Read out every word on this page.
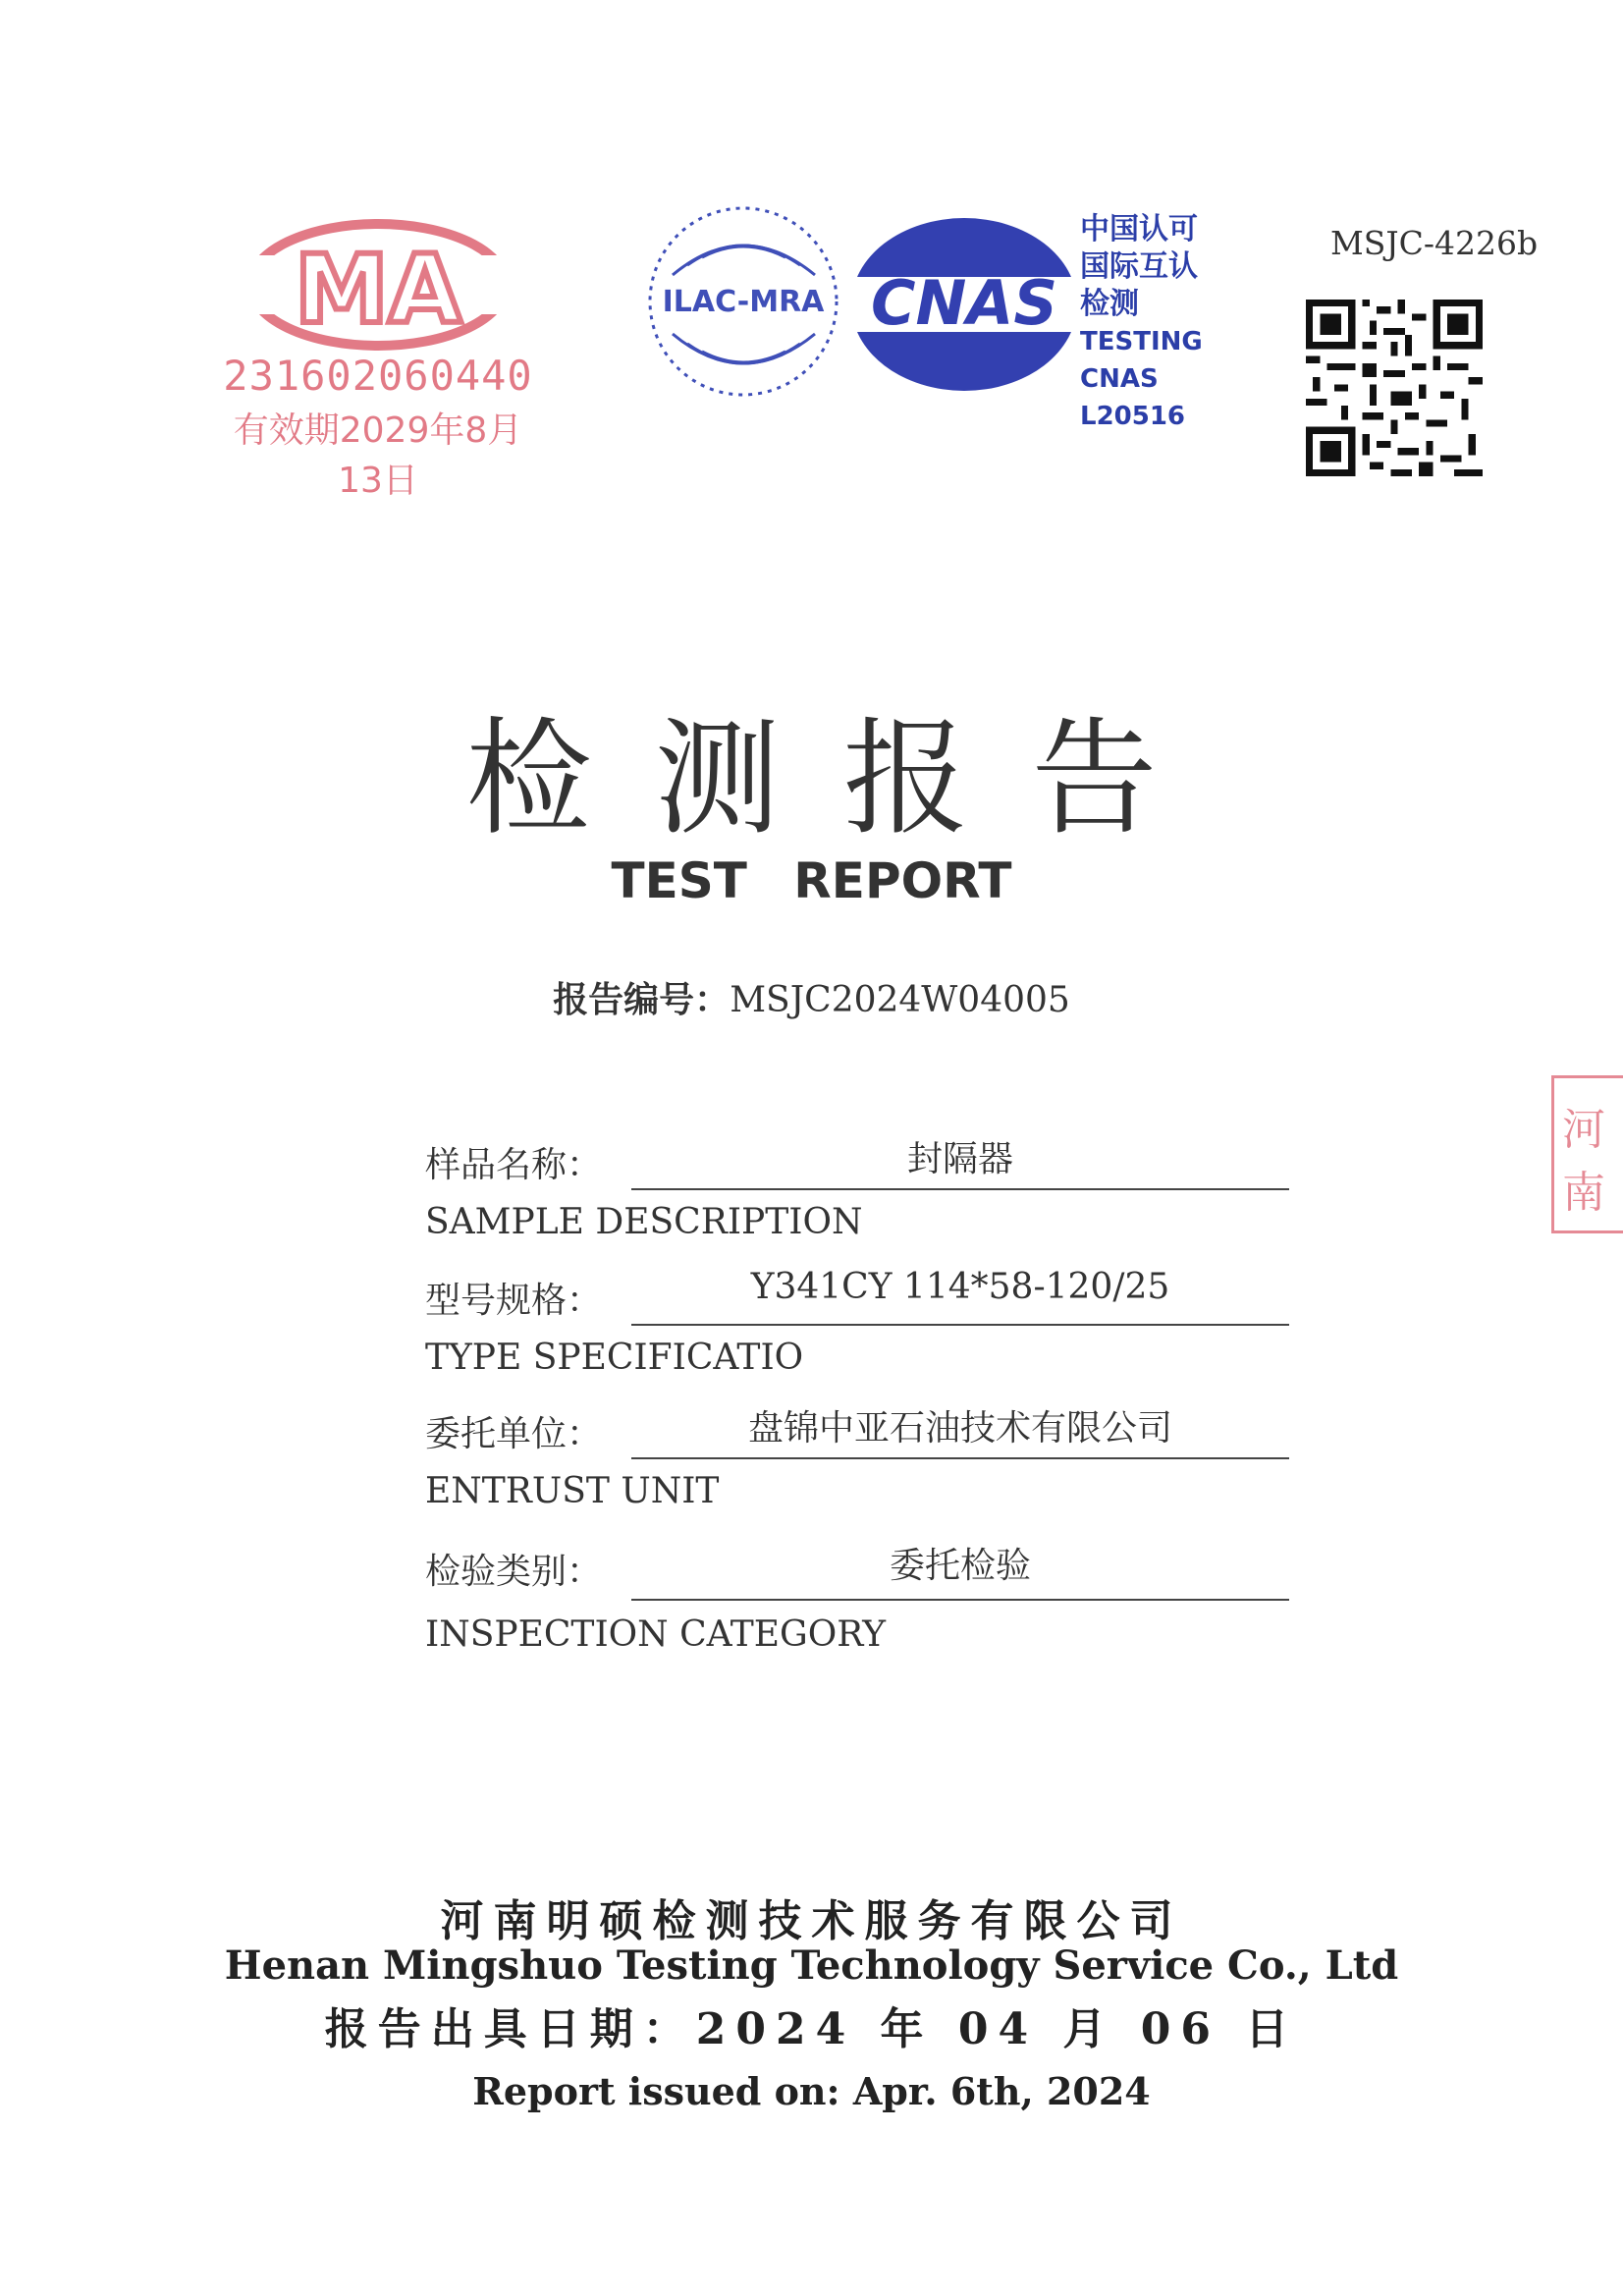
MA
231602060440
有效期2029年8月13日
ILAC-MRA CNAS
中国认可
国际互认
检测
TESTING
CNAS L20516
MSJC-4226b
检测报告
TEST REPORT
报告编号：MSJC2024W04005
样品名称：	封隔器
SAMPLE DESCRIPTION
型号规格：	Y341CY 114*58-120/25
TYPE SPECIFICATIO
委托单位：	盘锦中亚石油技术有限公司
ENTRUST UNIT
检验类别：	委托检验
INSPECTION CATEGORY
河南
河南明硕检测技术服务有限公司
Henan Mingshuo Testing Technology Service Co., Ltd
报告出具日期：2024 年 04 月 06 日
Report issued on: Apr. 6th, 2024
